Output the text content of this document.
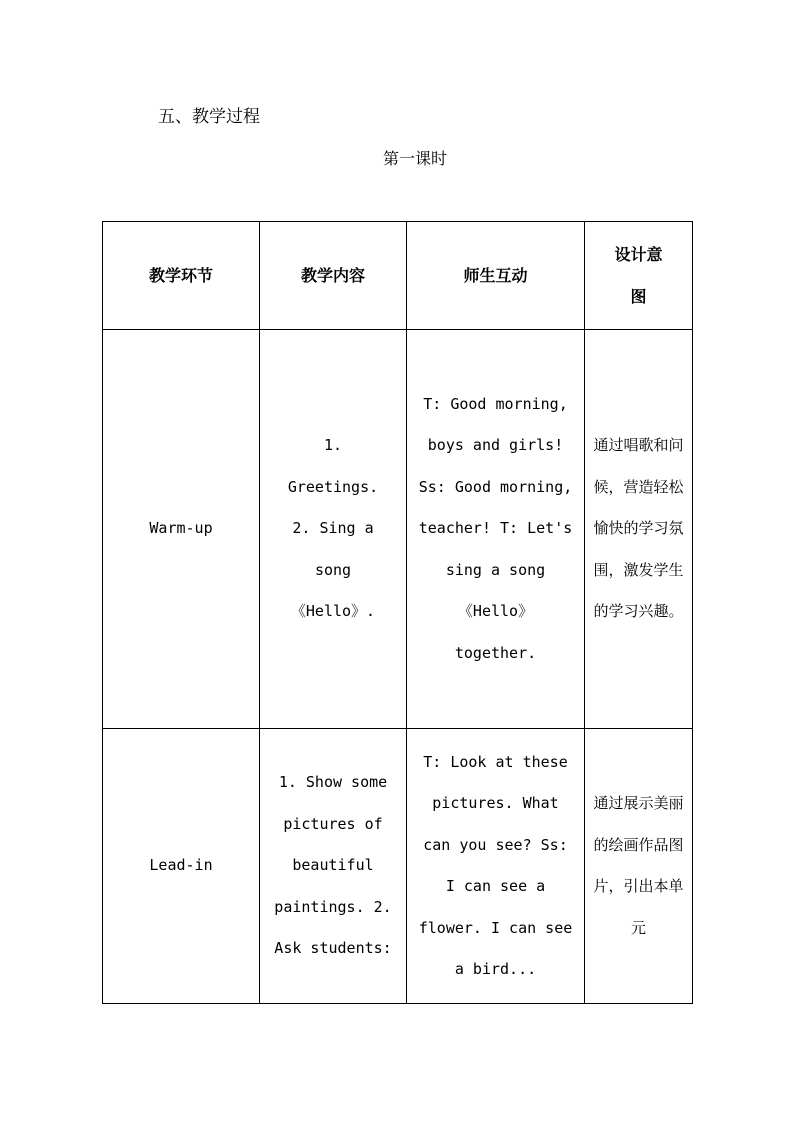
五、教学过程
第一课时
教学环节	教学内容	师生互动	设计意图
Warm-up	1. Greetings. 2. Sing a song 《Hello》.	T: Good morning, boys and girls! Ss: Good morning, teacher! T: Let's sing a song 《Hello》 together.	通过唱歌和问候，营造轻松愉快的学习氛围，激发学生的学习兴趣。
Lead-in	1. Show some pictures of beautiful paintings. 2. Ask students:	T: Look at these pictures. What can you see? Ss: I can see a flower. I can see a bird...	通过展示美丽的绘画作品图片，引出本单元
